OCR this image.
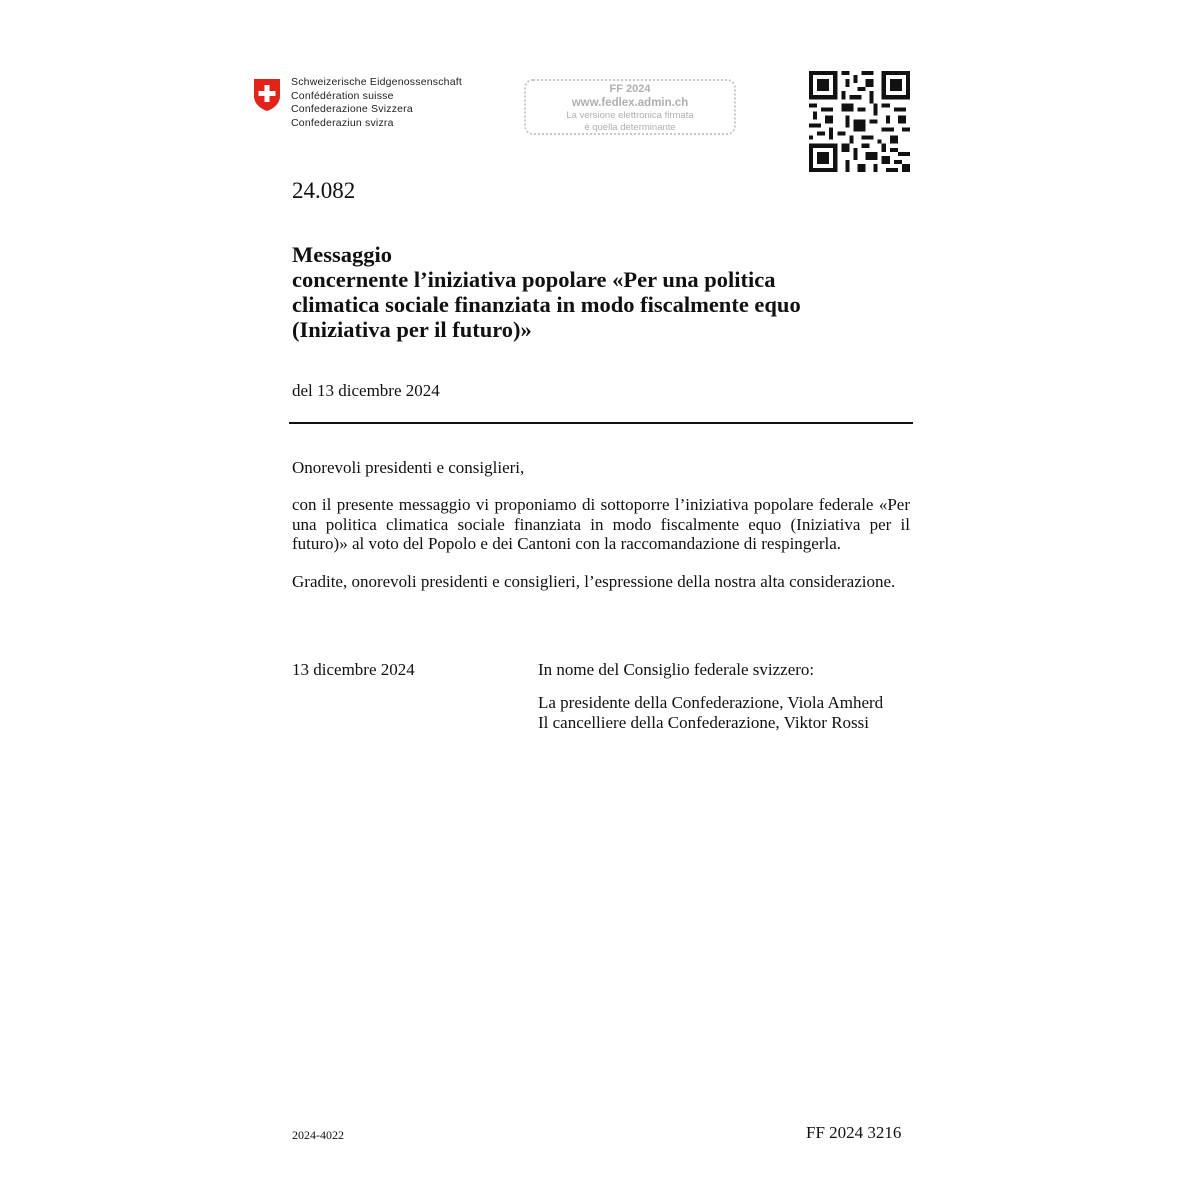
Schweizerische Eidgenossenschaft
Confédération suisse
Confederazione Svizzera
Confederaziun svizra
FF 2024
www.fedlex.admin.ch
La versione elettronica firmata
è quella determinante
24.082
Messaggio
concernente l’iniziativa popolare «Per una politica
climatica sociale finanziata in modo fiscalmente equo
(Iniziativa per il futuro)»
del 13 dicembre 2024
Onorevoli presidenti e consiglieri,
con il presente messaggio vi proponiamo di sottoporre l’iniziativa popolare federale «Per una politica climatica sociale finanziata in modo fiscalmente equo (Iniziativa per il futuro)» al voto del Popolo e dei Cantoni con la raccomandazione di respingerla.
Gradite, onorevoli presidenti e consiglieri, l’espressione della nostra alta considerazione.
13 dicembre 2024	In nome del Consiglio federale svizzero:
La presidente della Confederazione, Viola Amherd
Il cancelliere della Confederazione, Viktor Rossi
2024-4022	FF 2024 3216
